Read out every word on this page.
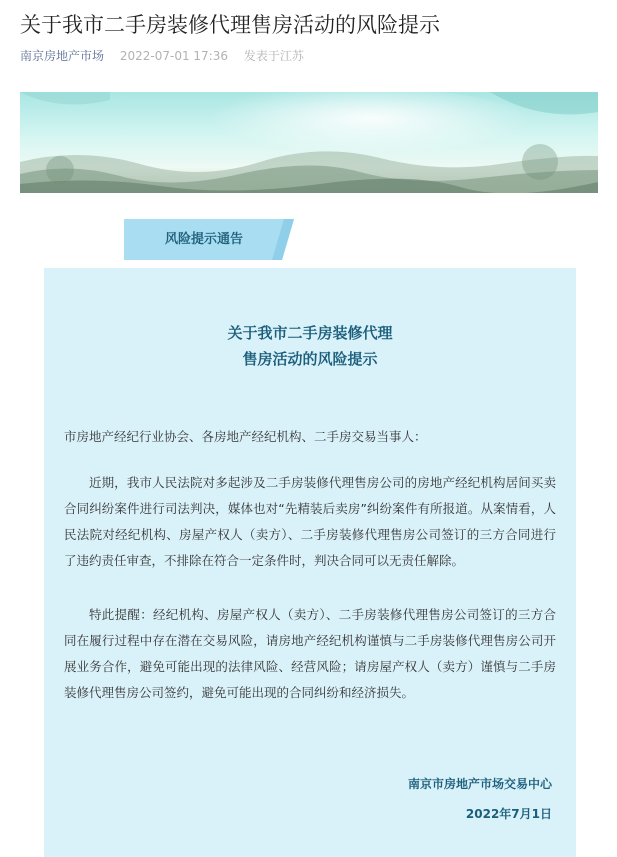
关于我市二手房装修代理售房活动的风险提示
南京房地产市场 2022-07-01 17:36 发表于江苏
风险提示通告
关于我市二手房装修代理
售房活动的风险提示

市房地产经纪行业协会、各房地产经纪机构、二手房交易当事人：

近期，我市人民法院对多起涉及二手房装修代理售房公司的房地产经纪机构居间买卖合同纠纷案件进行司法判决，媒体也对“先精装后卖房”纠纷案件有所报道。从案情看，人民法院对经纪机构、房屋产权人（卖方）、二手房装修代理售房公司签订的三方合同进行了违约责任审查，不排除在符合一定条件时，判决合同可以无责任解除。

特此提醒：经纪机构、房屋产权人（卖方）、二手房装修代理售房公司签订的三方合同在履行过程中存在潜在交易风险，请房地产经纪机构谨慎与二手房装修代理售房公司开展业务合作，避免可能出现的法律风险、经营风险；请房屋产权人（卖方）谨慎与二手房装修代理售房公司签约，避免可能出现的合同纠纷和经济损失。

南京市房地产市场交易中心
2022年7月1日
